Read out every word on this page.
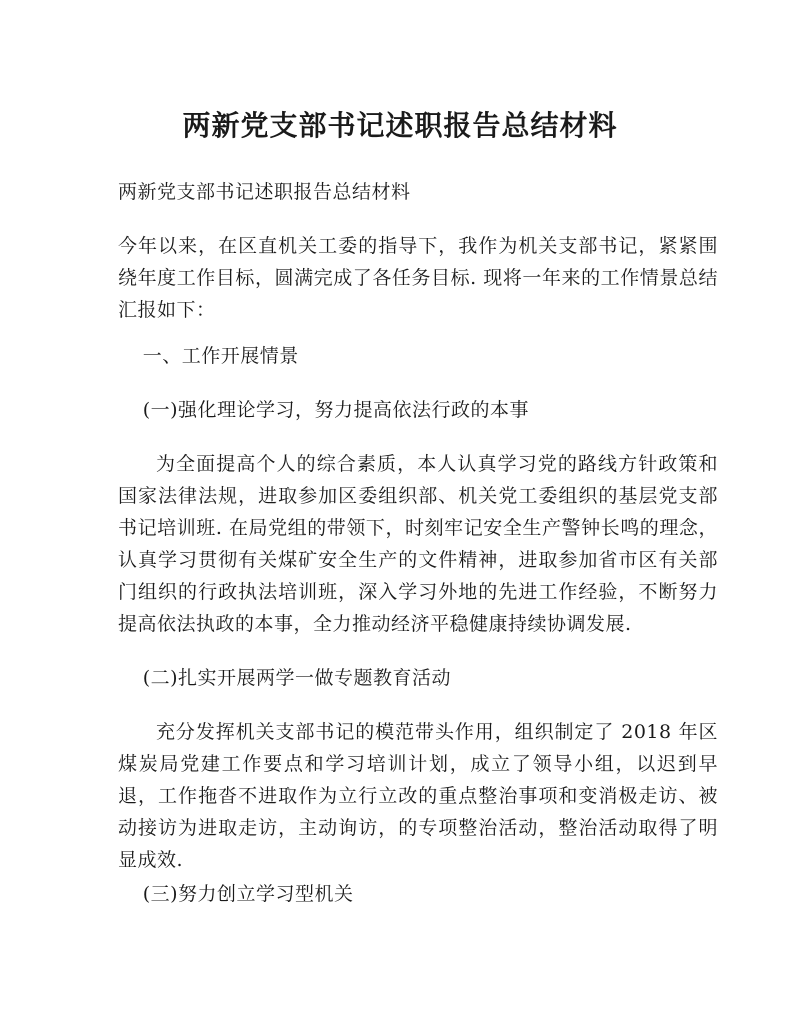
两新党支部书记述职报告总结材料

两新党支部书记述职报告总结材料

今年以来，在区直机关工委的指导下，我作为机关支部书记，紧紧围绕年度工作目标，圆满完成了各任务目标. 现将一年来的工作情景总结汇报如下：

一、工作开展情景

(一)强化理论学习，努力提高依法行政的本事

为全面提高个人的综合素质，本人认真学习党的路线方针政策和国家法律法规，进取参加区委组织部、机关党工委组织的基层党支部书记培训班. 在局党组的带领下，时刻牢记安全生产警钟长鸣的理念，认真学习贯彻有关煤矿安全生产的文件精神，进取参加省市区有关部门组织的行政执法培训班，深入学习外地的先进工作经验，不断努力提高依法执政的本事，全力推动经济平稳健康持续协调发展.

(二)扎实开展两学一做专题教育活动

充分发挥机关支部书记的模范带头作用，组织制定了 2018 年区煤炭局党建工作要点和学习培训计划，成立了领导小组，以迟到早退，工作拖沓不进取作为立行立改的重点整治事项和变消极走访、被动接访为进取走访，主动询访，的专项整治活动，整治活动取得了明显成效.

(三)努力创立学习型机关
